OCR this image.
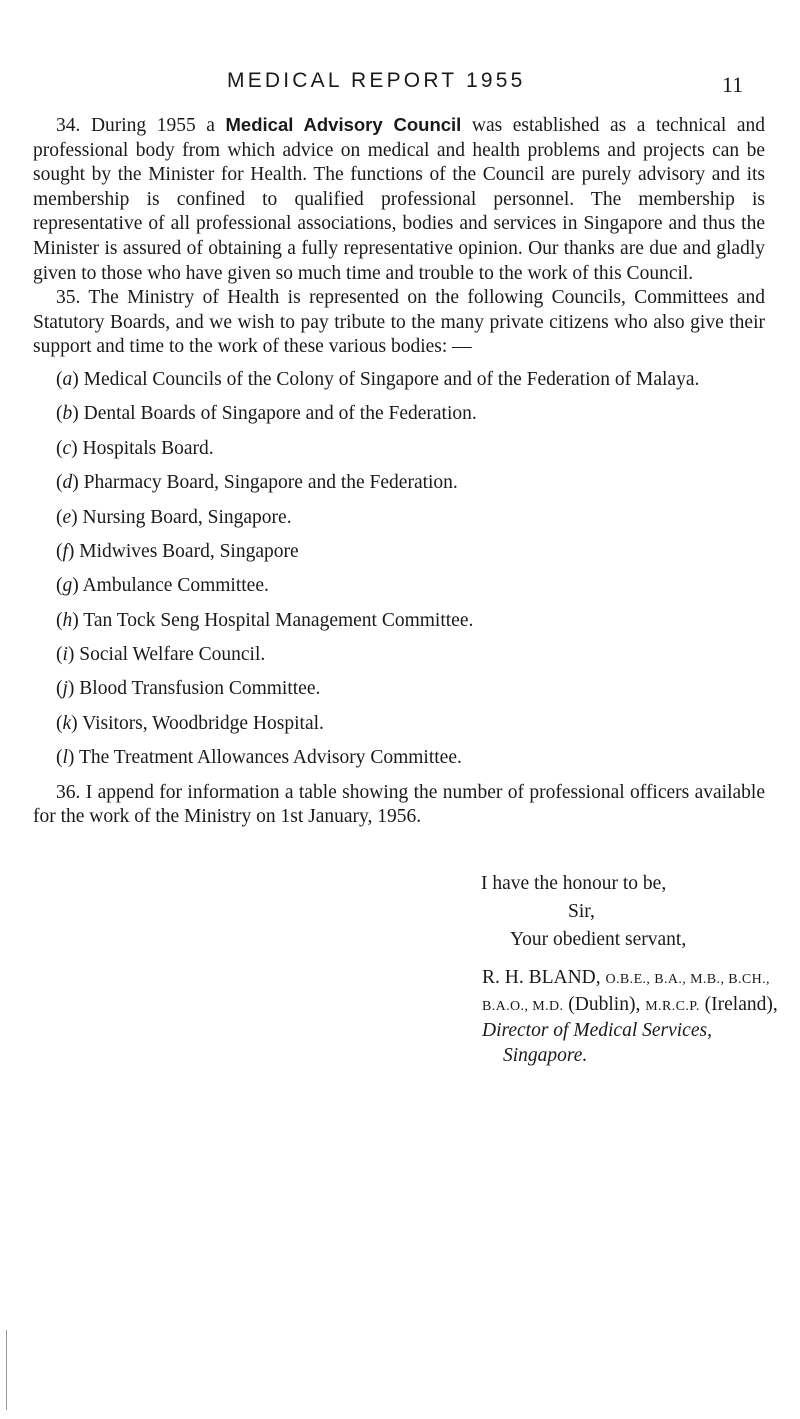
MEDICAL REPORT 1955	11

34. During 1955 a Medical Advisory Council was established as a technical and professional body from which advice on medical and health problems and projects can be sought by the Minister for Health. The functions of the Council are purely advisory and its membership is confined to qualified professional personnel. The membership is representative of all professional associations, bodies and services in Singapore and thus the Minister is assured of obtaining a fully representative opinion. Our thanks are due and gladly given to those who have given so much time and trouble to the work of this Council.

35. The Ministry of Health is represented on the following Councils, Committees and Statutory Boards, and we wish to pay tribute to the many private citizens who also give their support and time to the work of these various bodies: —

(a) Medical Councils of the Colony of Singapore and of the Federation of Malaya.
(b) Dental Boards of Singapore and of the Federation.
(c) Hospitals Board.
(d) Pharmacy Board, Singapore and the Federation.
(e) Nursing Board, Singapore.
(f) Midwives Board, Singapore
(g) Ambulance Committee.
(h) Tan Tock Seng Hospital Management Committee.
(i) Social Welfare Council.
(j) Blood Transfusion Committee.
(k) Visitors, Woodbridge Hospital.
(l) The Treatment Allowances Advisory Committee.

36. I append for information a table showing the number of professional officers available for the work of the Ministry on 1st January, 1956.

I have the honour to be,
Sir,
Your obedient servant,
R. H. BLAND, O.B.E., B.A., M.B., B.CH.,
B.A.O., M.D. (Dublin), M.R.C.P. (Ireland),
Director of Medical Services,
Singapore.
